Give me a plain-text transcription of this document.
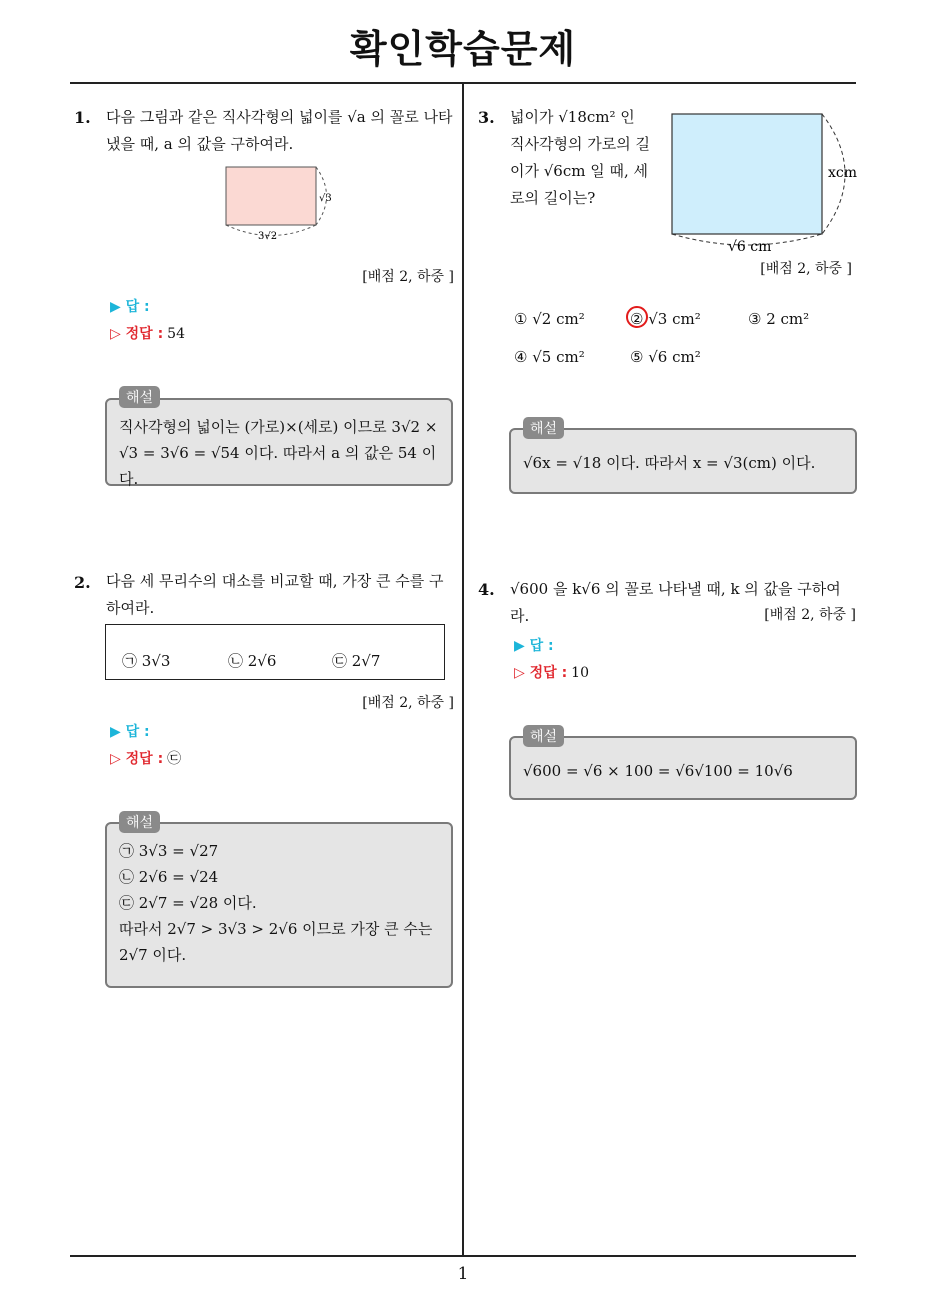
확인학습문제
1
1. 다음 그림과 같은 직사각형의 넓이를 √a 의 꼴로 나타
냈을 때, a 의 값을 구하여라.
√3
3√2
[배점 2, 하중 ]
▶ 답 :
▷ 정답 : 54
직사각형의 넓이는 (가로)×(세로) 이므로 3√2 ×
√3 = 3√6 = √54 이다. 따라서 a 의 값은 54 이다.
해설
2. 다음 세 무리수의 대소를 비교할 때, 가장 큰 수를 구
하여라.
㉠ 3√3	㉡ 2√6	㉢ 2√7
[배점 2, 하중 ]
▶ 답 :
▷ 정답 : ㉢
㉠ 3√3 = √27
㉡ 2√6 = √24
㉢ 2√7 = √28 이다.
따라서 2√7 > 3√3 > 2√6 이므로 가장 큰 수는
2√7 이다.
해설
3. 넓이가 √18cm² 인
직사각형의 가로의 길
이가 √6cm 일 때, 세
로의 길이는?
xcm
√6 cm
[배점 2, 하중 ]
① √2 cm²	② √3 cm²	③ 2 cm²
④ √5 cm²	⑤ √6 cm²
√6x = √18 이다. 따라서 x = √3(cm) 이다.
해설
4. √600 을 k√6 의 꼴로 나타낼 때, k 의 값을 구하여라.	[배점 2, 하중 ]
▶ 답 :
▷ 정답 : 10
√600 = √6 × 100 = √6√100 = 10√6
해설
